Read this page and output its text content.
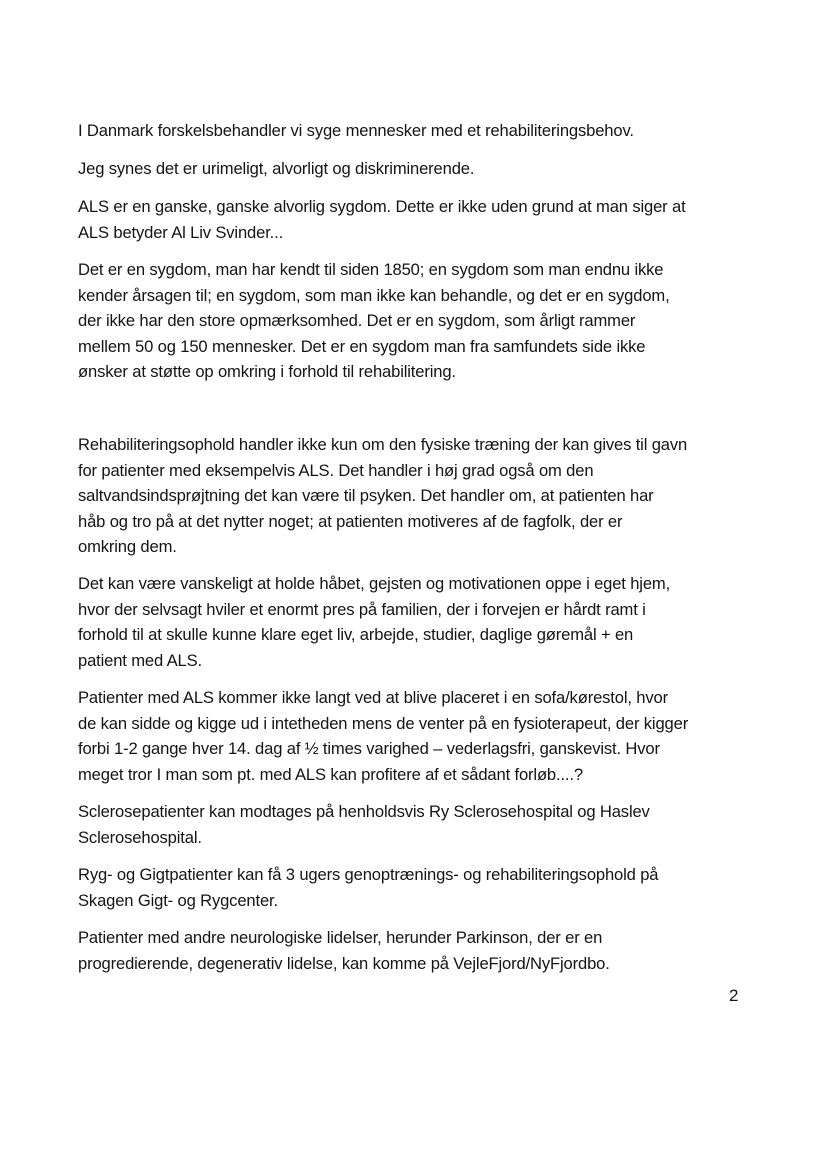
I Danmark forskelsbehandler vi syge mennesker med et rehabiliteringsbehov.

Jeg synes det er urimeligt, alvorligt og diskriminerende.

ALS er en ganske, ganske alvorlig sygdom. Dette er ikke uden grund at man siger at
ALS betyder Al Liv Svinder...

Det er en sygdom, man har kendt til siden 1850; en sygdom som man endnu ikke
kender årsagen til; en sygdom, som man ikke kan behandle, og det er en sygdom,
der ikke har den store opmærksomhed. Det er en sygdom, som årligt rammer
mellem 50 og 150 mennesker. Det er en sygdom man fra samfundets side ikke
ønsker at støtte op omkring i forhold til rehabilitering.

Rehabiliteringsophold handler ikke kun om den fysiske træning der kan gives til gavn
for patienter med eksempelvis ALS. Det handler i høj grad også om den
saltvandsindsprøjtning det kan være til psyken. Det handler om, at patienten har
håb og tro på at det nytter noget; at patienten motiveres af de fagfolk, der er
omkring dem.

Det kan være vanskeligt at holde håbet, gejsten og motivationen oppe i eget hjem,
hvor der selvsagt hviler et enormt pres på familien, der i forvejen er hårdt ramt i
forhold til at skulle kunne klare eget liv, arbejde, studier, daglige gøremål + en
patient med ALS.

Patienter med ALS kommer ikke langt ved at blive placeret i en sofa/kørestol, hvor
de kan sidde og kigge ud i intetheden mens de venter på en fysioterapeut, der kigger
forbi 1-2 gange hver 14. dag af ½ times varighed – vederlagsfri, ganskevist. Hvor
meget tror I man som pt. med ALS kan profitere af et sådant forløb....?

Sclerosepatienter kan modtages på henholdsvis Ry Sclerosehospital og Haslev
Sclerosehospital.

Ryg- og Gigtpatienter kan få 3 ugers genoptrænings- og rehabiliteringsophold på
Skagen Gigt- og Rygcenter.

Patienter med andre neurologiske lidelser, herunder Parkinson, der er en
progredierende, degenerativ lidelse, kan komme på VejleFjord/NyFjordbo.

2
